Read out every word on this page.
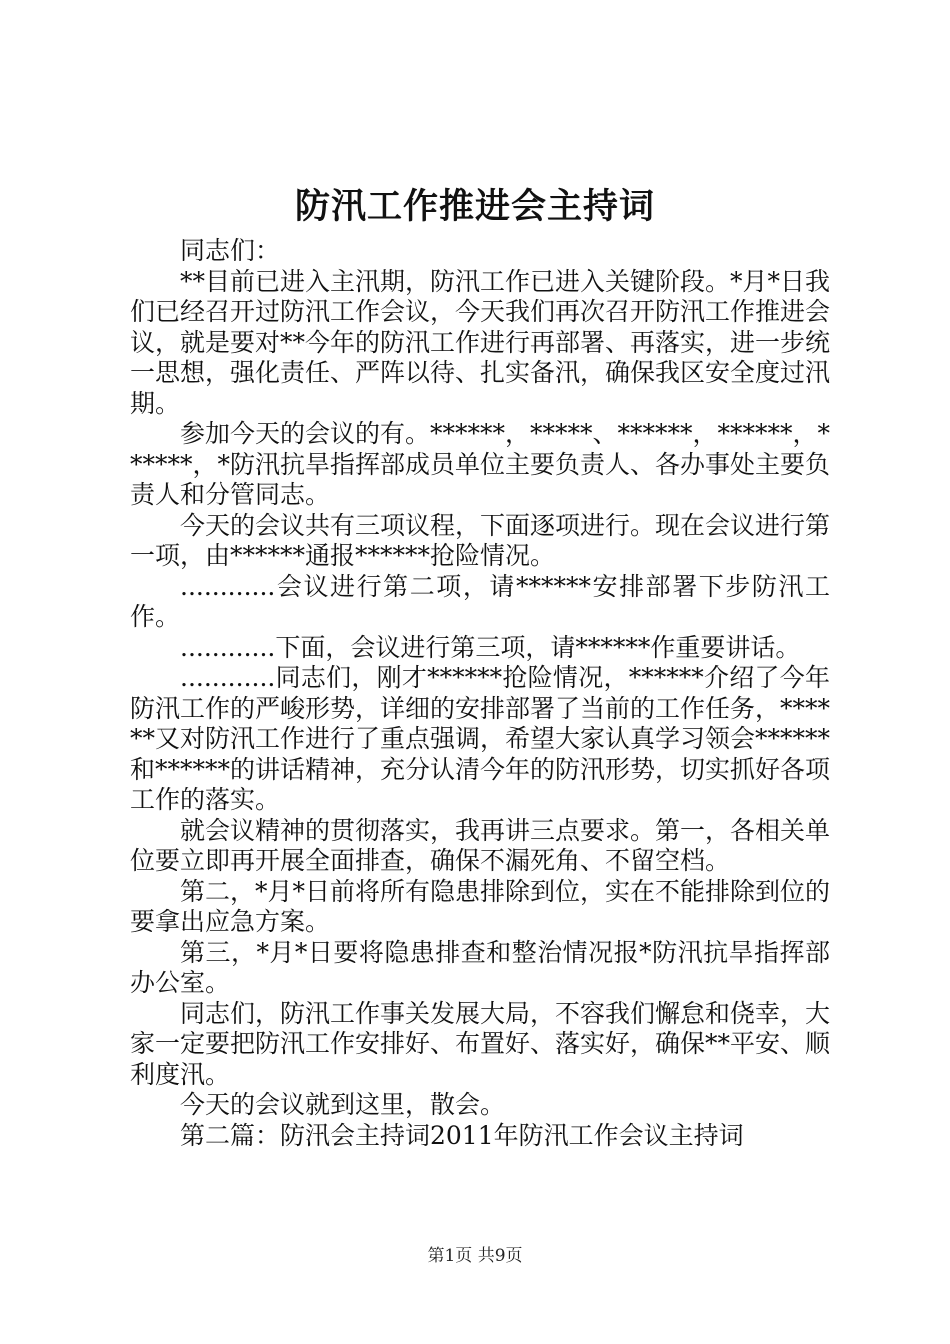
防汛工作推进会主持词

同志们：

**目前已进入主汛期，防汛工作已进入关键阶段。*月*日我们已经召开过防汛工作会议，今天我们再次召开防汛工作推进会议，就是要对**今年的防汛工作进行再部署、再落实，进一步统一思想，强化责任、严阵以待、扎实备汛，确保我区安全度过汛期。

参加今天的会议的有。******，*****、******，******，******，*防汛抗旱指挥部成员单位主要负责人、各办事处主要负责人和分管同志。

今天的会议共有三项议程，下面逐项进行。现在会议进行第一项，由******通报******抢险情况。

............会议进行第二项，请******安排部署下步防汛工作。

............下面，会议进行第三项，请******作重要讲话。

............同志们，刚才******抢险情况，******介绍了今年防汛工作的严峻形势，详细的安排部署了当前的工作任务，******又对防汛工作进行了重点强调，希望大家认真学习领会******和******的讲话精神，充分认清今年的防汛形势，切实抓好各项工作的落实。

就会议精神的贯彻落实，我再讲三点要求。第一，各相关单位要立即再开展全面排查，确保不漏死角、不留空档。

第二，*月*日前将所有隐患排除到位，实在不能排除到位的要拿出应急方案。

第三，*月*日要将隐患排查和整治情况报*防汛抗旱指挥部办公室。

同志们，防汛工作事关发展大局，不容我们懈怠和侥幸，大家一定要把防汛工作安排好、布置好、落实好，确保**平安、顺利度汛。

今天的会议就到这里，散会。

第二篇：防汛会主持词2011年防汛工作会议主持词

第1页 共9页
